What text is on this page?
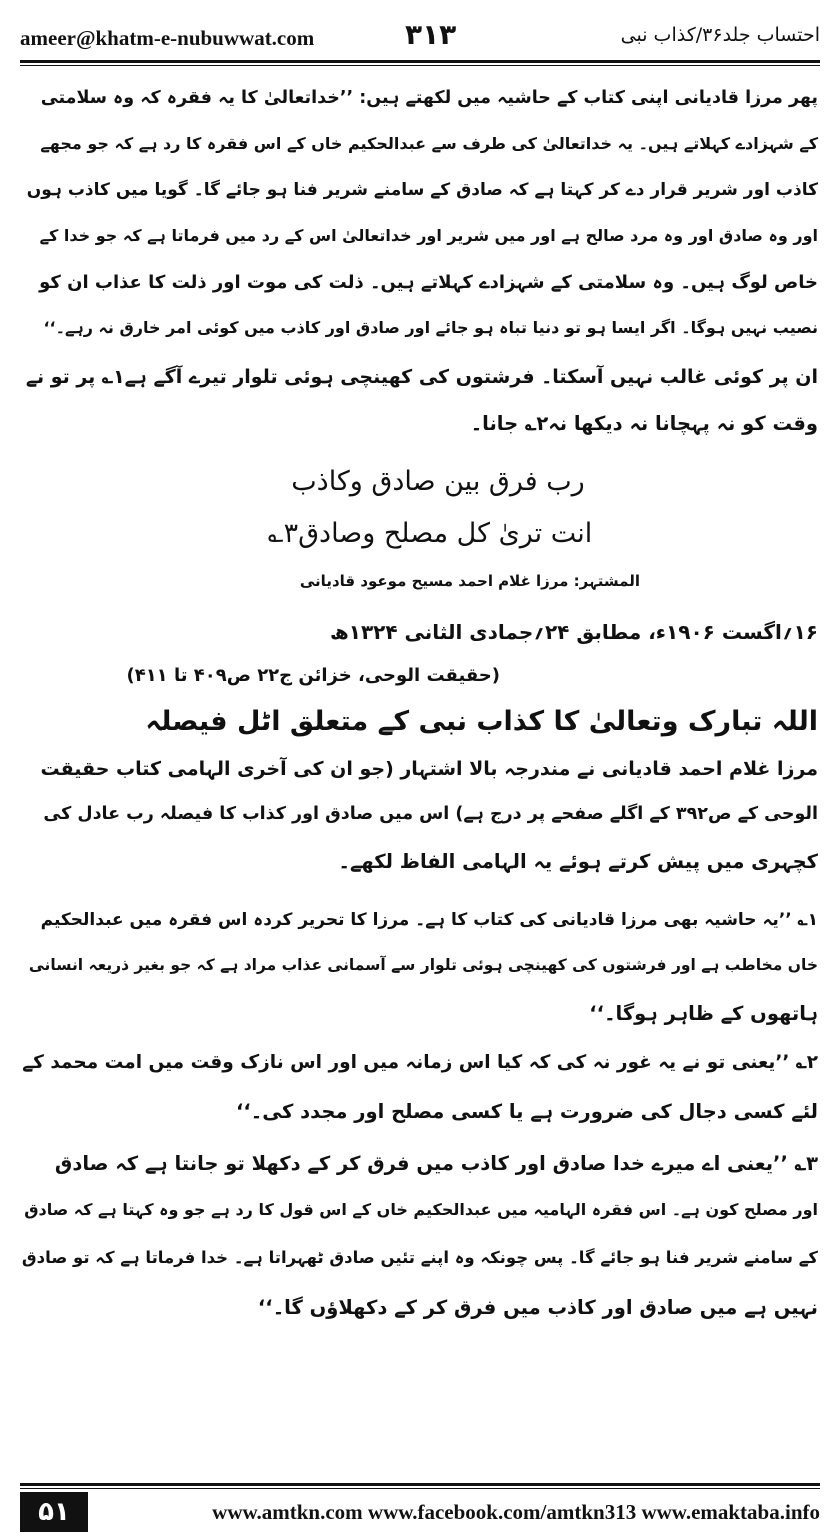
ameer@khatm-e-nubuwwat.com	۳۱۳	احتساب جلد۳۶/کذاب نبی
پھر مرزا قادیانی اپنی کتاب کے حاشیہ میں لکھتے ہیں: ’’خداتعالیٰ کا یہ فقرہ کہ وہ سلامتی
کے شہزادے کہلاتے ہیں۔ یہ خداتعالیٰ کی طرف سے عبدالحکیم خاں کے اس فقرہ کا رد ہے کہ جو مجھے
کاذب اور شریر قرار دے کر کہتا ہے کہ صادق کے سامنے شریر فنا ہو جائے گا۔ گویا میں کاذب ہوں
اور وہ صادق اور وہ مرد صالح ہے اور میں شریر اور خداتعالیٰ اس کے رد میں فرماتا ہے کہ جو خدا کے
خاص لوگ ہیں۔ وہ سلامتی کے شہزادے کہلاتے ہیں۔ ذلت کی موت اور ذلت کا عذاب ان کو
نصیب نہیں ہوگا۔ اگر ایسا ہو تو دنیا تباہ ہو جائے اور صادق اور کاذب میں کوئی امر خارق نہ رہے۔‘‘
ان پر کوئی غالب نہیں آسکتا۔ فرشتوں کی کھینچی ہوئی تلوار تیرے آگے ہے۱؎ پر تو نے
وقت کو نہ پہچانا نہ دیکھا نہ۲؎ جانا۔
رب فرق بین صادق وکاذب
انت تریٰ کل مصلح وصادق۳؎
المشتہر: مرزا غلام احمد مسیح موعود قادیانی
۱۶؍اگست ۱۹۰۶ء، مطابق ۲۴؍جمادی الثانی ۱۳۲۴ھ
(حقیقت الوحی، خزائن ج۲۲ ص۴۰۹ تا ۴۱۱)
اللہ تبارک وتعالیٰ کا کذاب نبی کے متعلق اٹل فیصلہ
مرزا غلام احمد قادیانی نے مندرجہ بالا اشتہار (جو ان کی آخری الہامی کتاب حقیقت
الوحی کے ص۳۹۲ کے اگلے صفحے پر درج ہے) اس میں صادق اور کذاب کا فیصلہ رب عادل کی
کچہری میں پیش کرتے ہوئے یہ الہامی الفاظ لکھے۔
۱؎ ’’یہ حاشیہ بھی مرزا قادیانی کی کتاب کا ہے۔ مرزا کا تحریر کردہ اس فقرہ میں عبدالحکیم
خاں مخاطب ہے اور فرشتوں کی کھینچی ہوئی تلوار سے آسمانی عذاب مراد ہے کہ جو بغیر ذریعہ انسانی
ہاتھوں کے ظاہر ہوگا۔‘‘
۲؎ ’’یعنی تو نے یہ غور نہ کی کہ کیا اس زمانہ میں اور اس نازک وقت میں امت محمد کے
لئے کسی دجال کی ضرورت ہے یا کسی مصلح اور مجدد کی۔‘‘
۳؎ ’’یعنی اے میرے خدا صادق اور کاذب میں فرق کر کے دکھلا تو جانتا ہے کہ صادق
اور مصلح کون ہے۔ اس فقرہ الہامیہ میں عبدالحکیم خاں کے اس قول کا رد ہے جو وہ کہتا ہے کہ صادق
کے سامنے شریر فنا ہو جائے گا۔ پس چونکہ وہ اپنے تئیں صادق ٹھہراتا ہے۔ خدا فرماتا ہے کہ تو صادق
نہیں ہے میں صادق اور کاذب میں فرق کر کے دکھلاؤں گا۔‘‘
۵۱	www.amtkn.com www.facebook.com/amtkn313 www.emaktaba.info
